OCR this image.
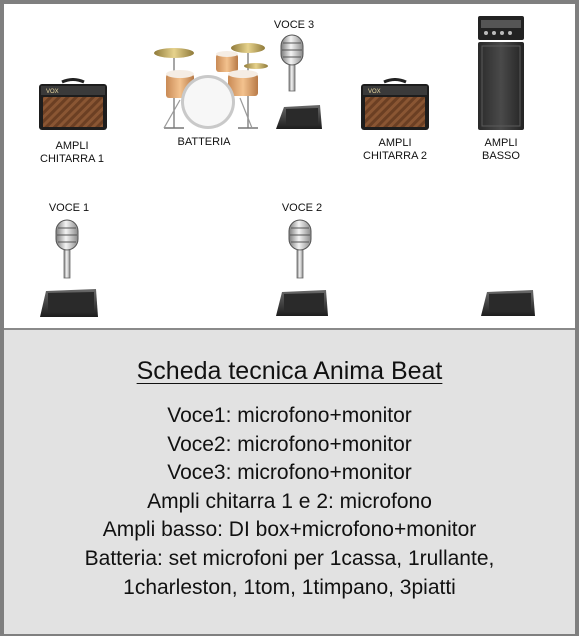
VOX
AMPLI
CHITARRA 1
BATTERIA
VOCE 3
VOX
AMPLI
CHITARRA 2
AMPLI
BASSO
VOCE 1	VOCE 2
Scheda tecnica Anima Beat
Voce1: microfono+monitor
Voce2: microfono+monitor
Voce3: microfono+monitor
Ampli chitarra 1 e 2: microfono
Ampli basso: DI box+microfono+monitor
Batteria: set microfoni per 1cassa, 1rullante,
1charleston, 1tom, 1timpano, 3piatti
